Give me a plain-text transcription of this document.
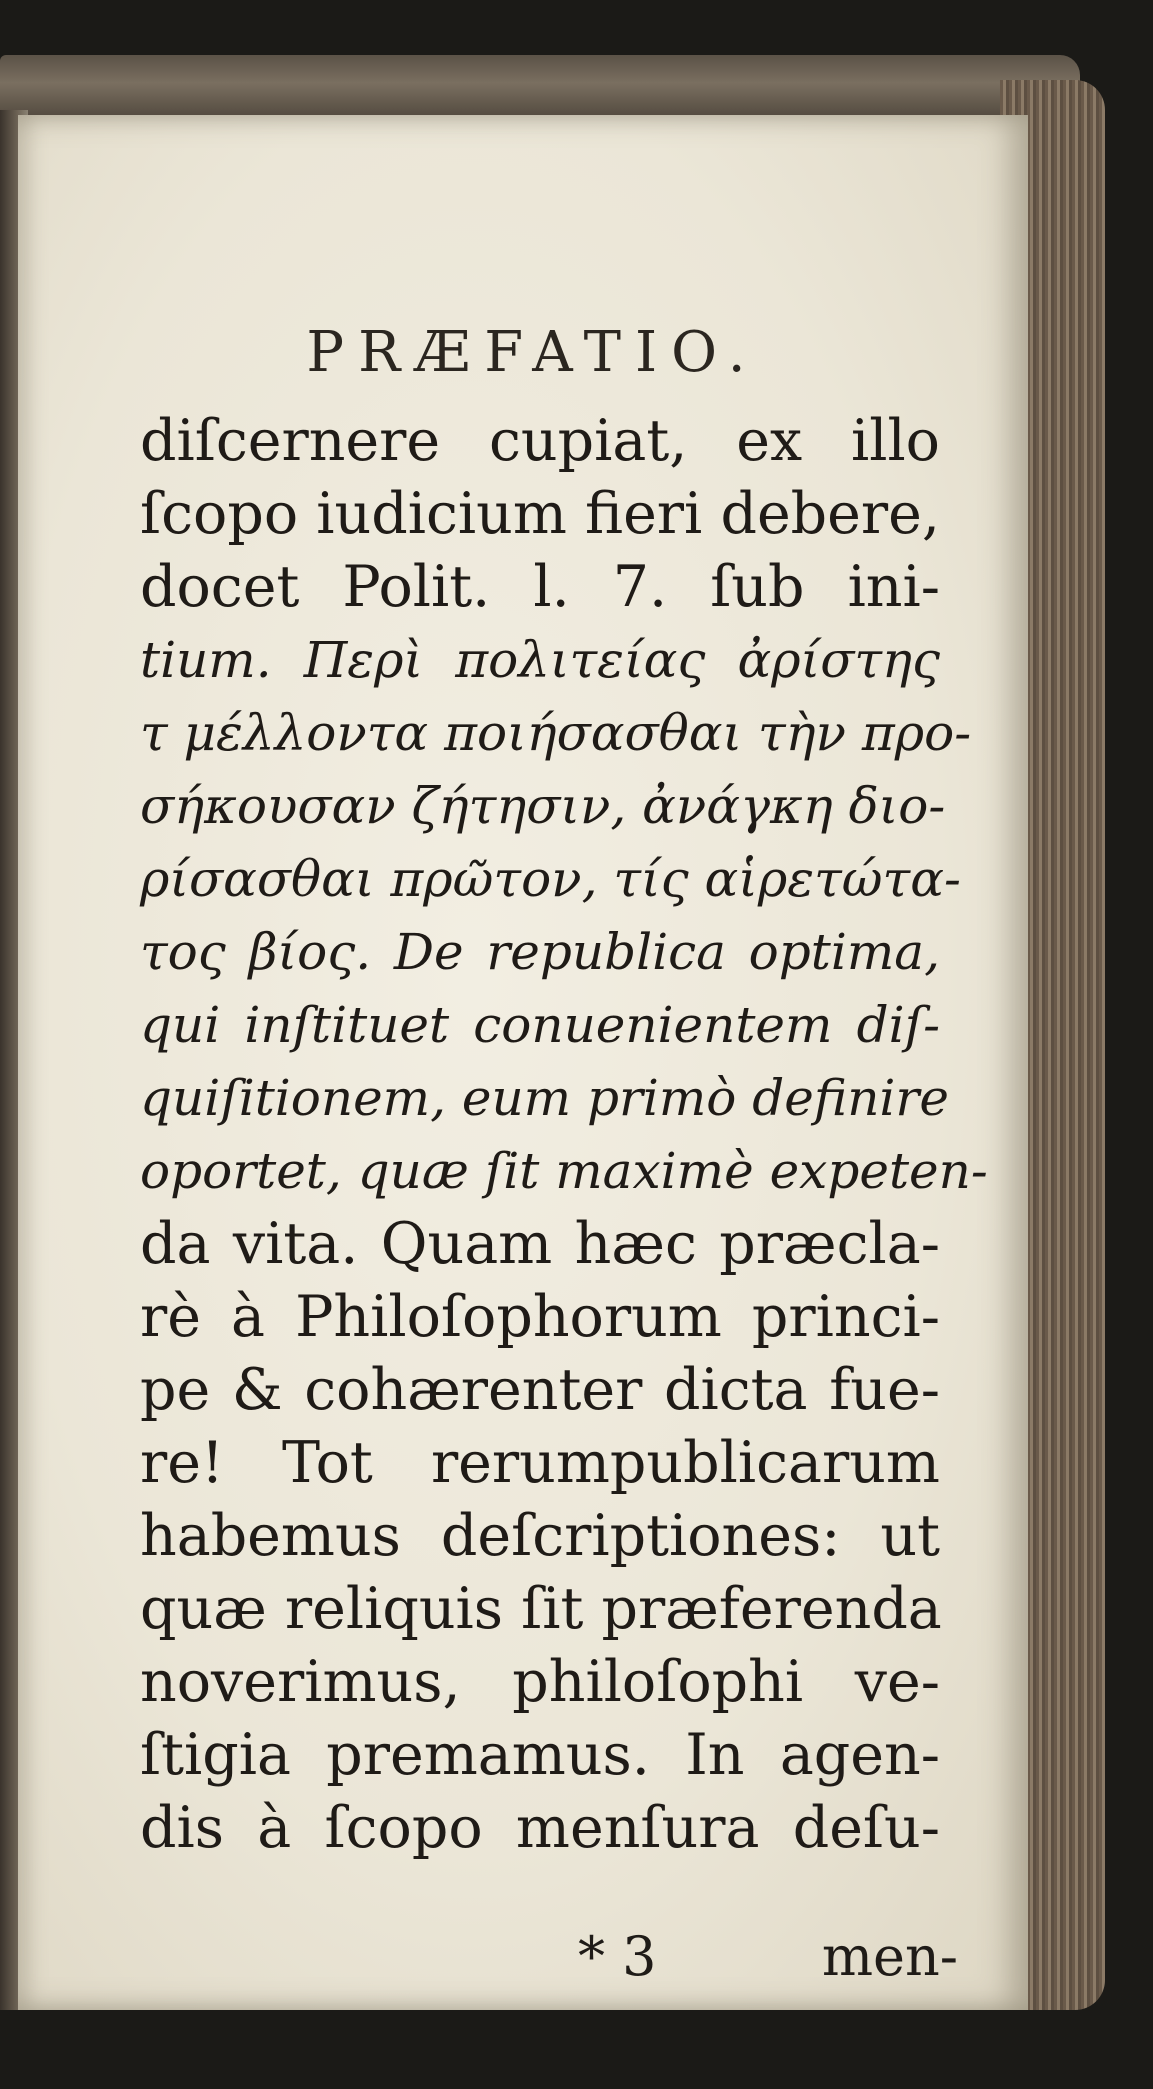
PRÆFATIO.
diſcernere cupiat, ex illo
ſcopo iudicium fieri debere,
docet Polit. l. 7. ſub ini-
tium. Περὶ πολιτείας ἀρίστης
τ μέλλοντα ποιήσασθαι τὴν προ-
σήκουσαν ζήτησιν, ἀνάγκη διο-
ρίσασθαι πρῶτον, τίς αἱρετώτα-
τος βίος. De republica optima,
qui inſtituet conuenientem diſ-
quiſitionem, eum primò definire
oportet, quæ ſit maximè expeten-
da vita. Quam hæc præcla-
rè à Philoſophorum princi-
pe & cohærenter dicta fue-
re! Tot rerumpublicarum
habemus deſcriptiones: ut
quæ reliquis ſit præferenda
noverimus, philoſophi ve-
ſtigia premamus. In agen-
dis à ſcopo menſura deſu-
* 3	men-
